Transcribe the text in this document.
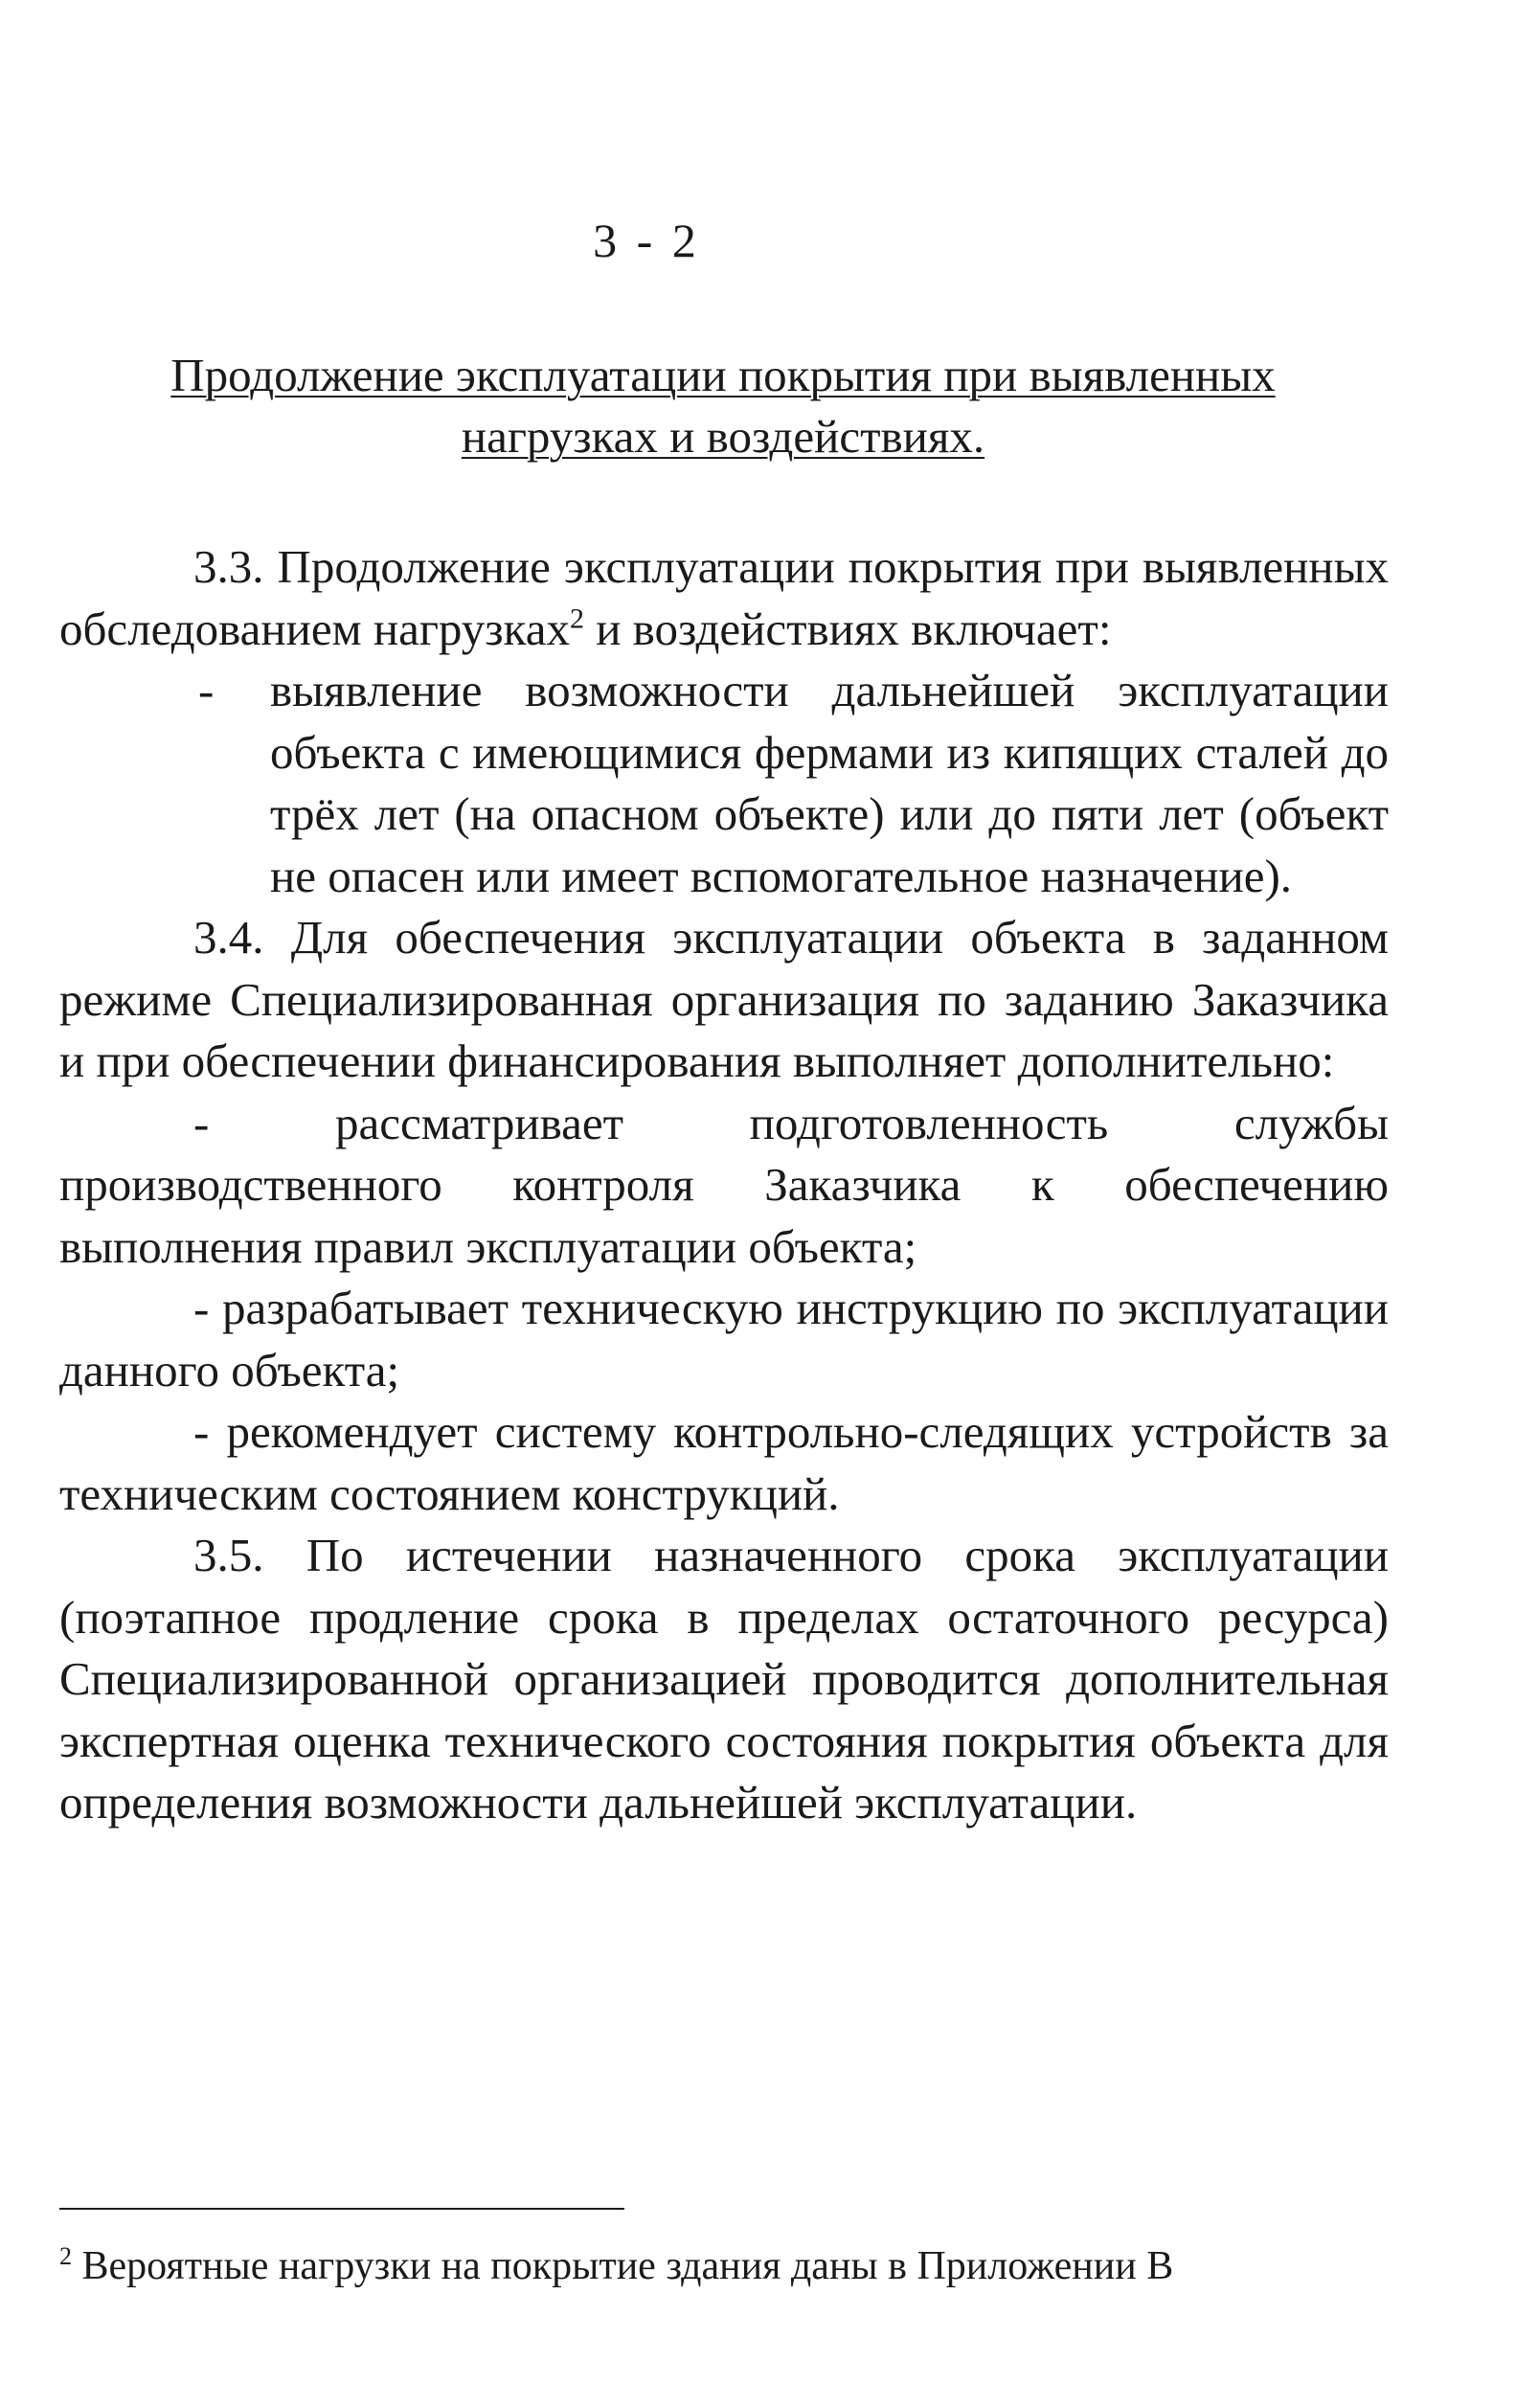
3 - 2
Продолжение эксплуатации покрытия при выявленных
нагрузках и воздействиях.

3.3. Продолжение эксплуатации покрытия при выявленных обследованием нагрузках$^2$ и воздействиях включает:

-	выявление возможности дальнейшей эксплуатации объекта с имеющимися фермами из кипящих сталей до трёх лет (на опасном объекте) или до пяти лет (объект не опасен или имеет вспомогательное назначение).

3.4. Для обеспечения эксплуатации объекта в заданном режиме Специализированная организация по заданию Заказчика и при обеспечении финансирования выполняет дополнительно:

- рассматривает подготовленность службы производственного контроля Заказчика к обеспечению выполнения правил эксплуатации объекта;

- разрабатывает техническую инструкцию по эксплуатации данного объекта;

- рекомендует систему контрольно-следящих устройств за техническим состоянием конструкций.

3.5. По истечении назначенного срока эксплуатации (поэтапное продление срока в пределах остаточного ресурса) Специализированной организацией проводится дополнительная экспертная оценка технического состояния покрытия объекта для определения возможности дальнейшей эксплуатации.

$^2$ Вероятные нагрузки на покрытие здания даны в Приложении В
